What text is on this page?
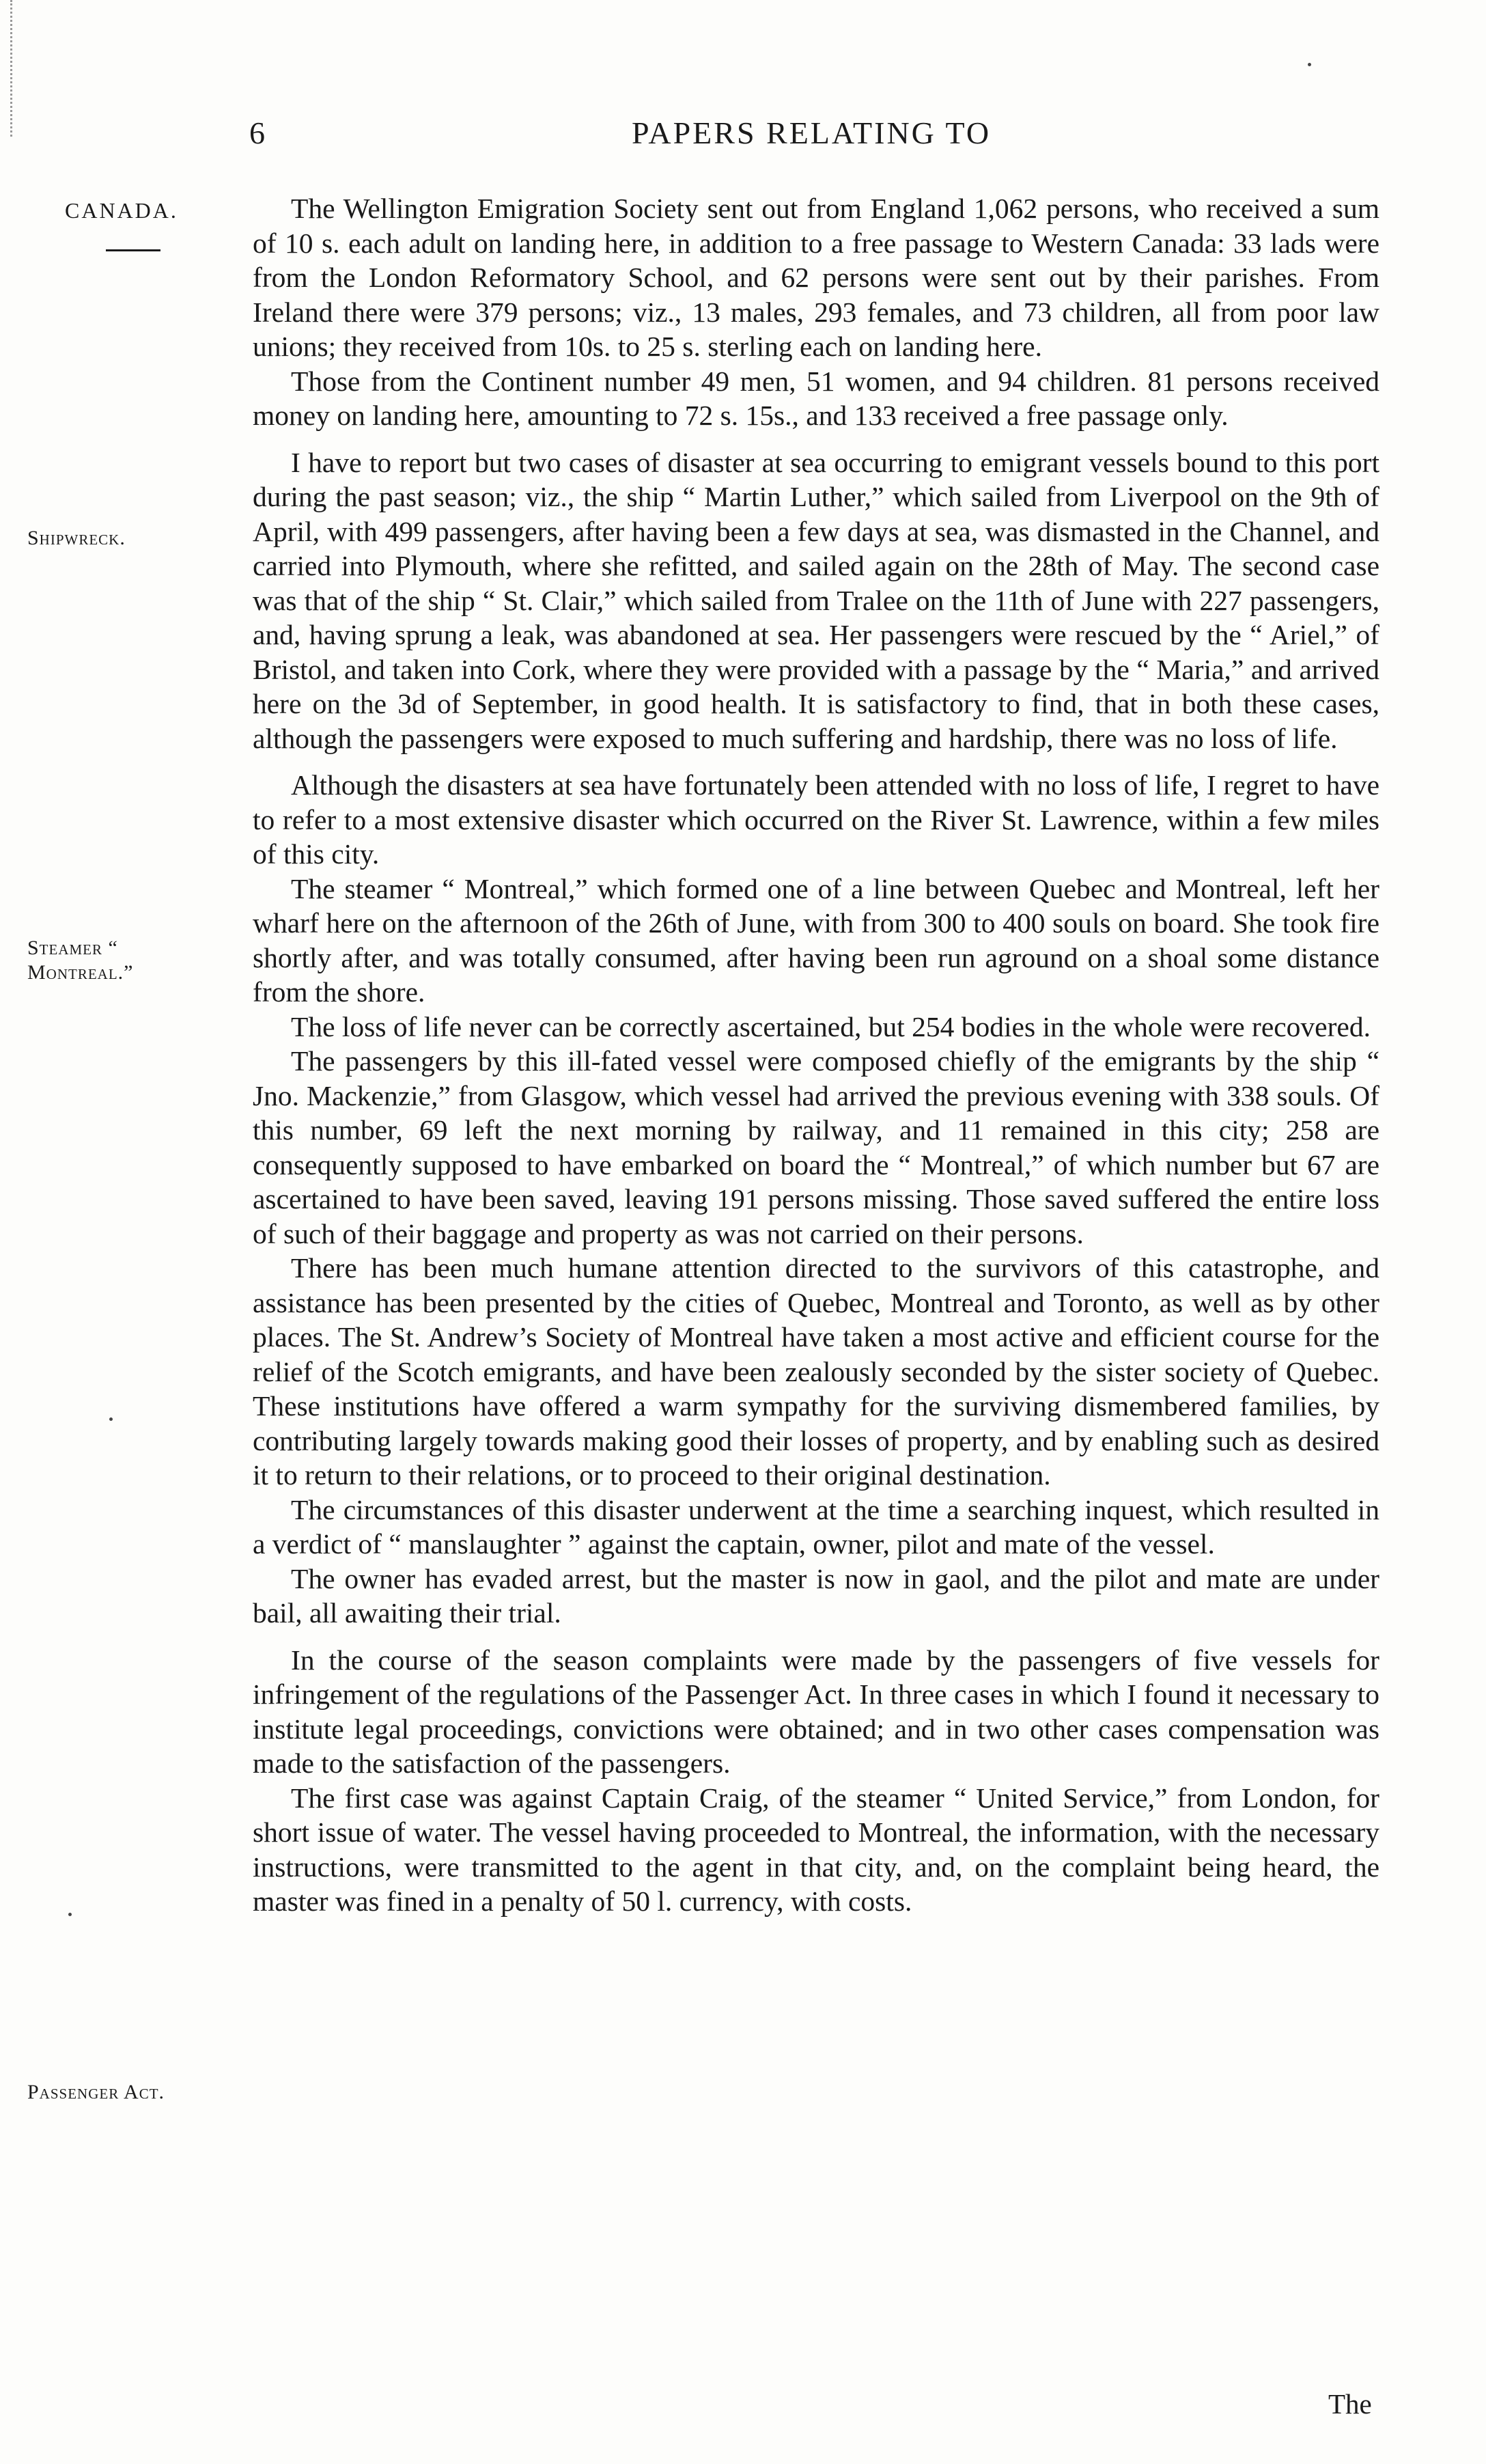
6	PAPERS RELATING TO
CANADA.
Shipwreck.
Steamer “ Montreal.”
Passenger Act.

The Wellington Emigration Society sent out from England 1,062 persons, who received a sum of 10 s. each adult on landing here, in addition to a free passage to Western Canada: 33 lads were from the London Reformatory School, and 62 persons were sent out by their parishes. From Ireland there were 379 persons; viz., 13 males, 293 females, and 73 children, all from poor law unions; they received from 10s. to 25 s. sterling each on landing here.

Those from the Continent number 49 men, 51 women, and 94 children. 81 persons received money on landing here, amounting to 72 s. 15s., and 133 received a free passage only.

I have to report but two cases of disaster at sea occurring to emigrant vessels bound to this port during the past season; viz., the ship “ Martin Luther,” which sailed from Liverpool on the 9th of April, with 499 passengers, after having been a few days at sea, was dismasted in the Channel, and carried into Plymouth, where she refitted, and sailed again on the 28th of May. The second case was that of the ship “ St. Clair,” which sailed from Tralee on the 11th of June with 227 passengers, and, having sprung a leak, was abandoned at sea. Her passengers were rescued by the “ Ariel,” of Bristol, and taken into Cork, where they were provided with a passage by the “ Maria,” and arrived here on the 3d of September, in good health. It is satisfactory to find, that in both these cases, although the passengers were exposed to much suffering and hardship, there was no loss of life.

Although the disasters at sea have fortunately been attended with no loss of life, I regret to have to refer to a most extensive disaster which occurred on the River St. Lawrence, within a few miles of this city.

The steamer “ Montreal,” which formed one of a line between Quebec and Montreal, left her wharf here on the afternoon of the 26th of June, with from 300 to 400 souls on board. She took fire shortly after, and was totally consumed, after having been run aground on a shoal some distance from the shore.

The loss of life never can be correctly ascertained, but 254 bodies in the whole were recovered.

The passengers by this ill-fated vessel were composed chiefly of the emigrants by the ship “ Jno. Mackenzie,” from Glasgow, which vessel had arrived the previous evening with 338 souls. Of this number, 69 left the next morning by railway, and 11 remained in this city; 258 are consequently supposed to have embarked on board the “ Montreal,” of which number but 67 are ascertained to have been saved, leaving 191 persons missing. Those saved suffered the entire loss of such of their baggage and property as was not carried on their persons.

There has been much humane attention directed to the survivors of this catastrophe, and assistance has been presented by the cities of Quebec, Montreal and Toronto, as well as by other places. The St. Andrew’s Society of Montreal have taken a most active and efficient course for the relief of the Scotch emigrants, and have been zealously seconded by the sister society of Quebec. These institutions have offered a warm sympathy for the surviving dismembered families, by contributing largely towards making good their losses of property, and by enabling such as desired it to return to their relations, or to proceed to their original destination.

The circumstances of this disaster underwent at the time a searching inquest, which resulted in a verdict of “ manslaughter ” against the captain, owner, pilot and mate of the vessel.

The owner has evaded arrest, but the master is now in gaol, and the pilot and mate are under bail, all awaiting their trial.

In the course of the season complaints were made by the passengers of five vessels for infringement of the regulations of the Passenger Act. In three cases in which I found it necessary to institute legal proceedings, convictions were obtained; and in two other cases compensation was made to the satisfaction of the passengers.

The first case was against Captain Craig, of the steamer “ United Service,” from London, for short issue of water. The vessel having proceeded to Montreal, the information, with the necessary instructions, were transmitted to the agent in that city, and, on the complaint being heard, the master was fined in a penalty of 50 l. currency, with costs.

The
